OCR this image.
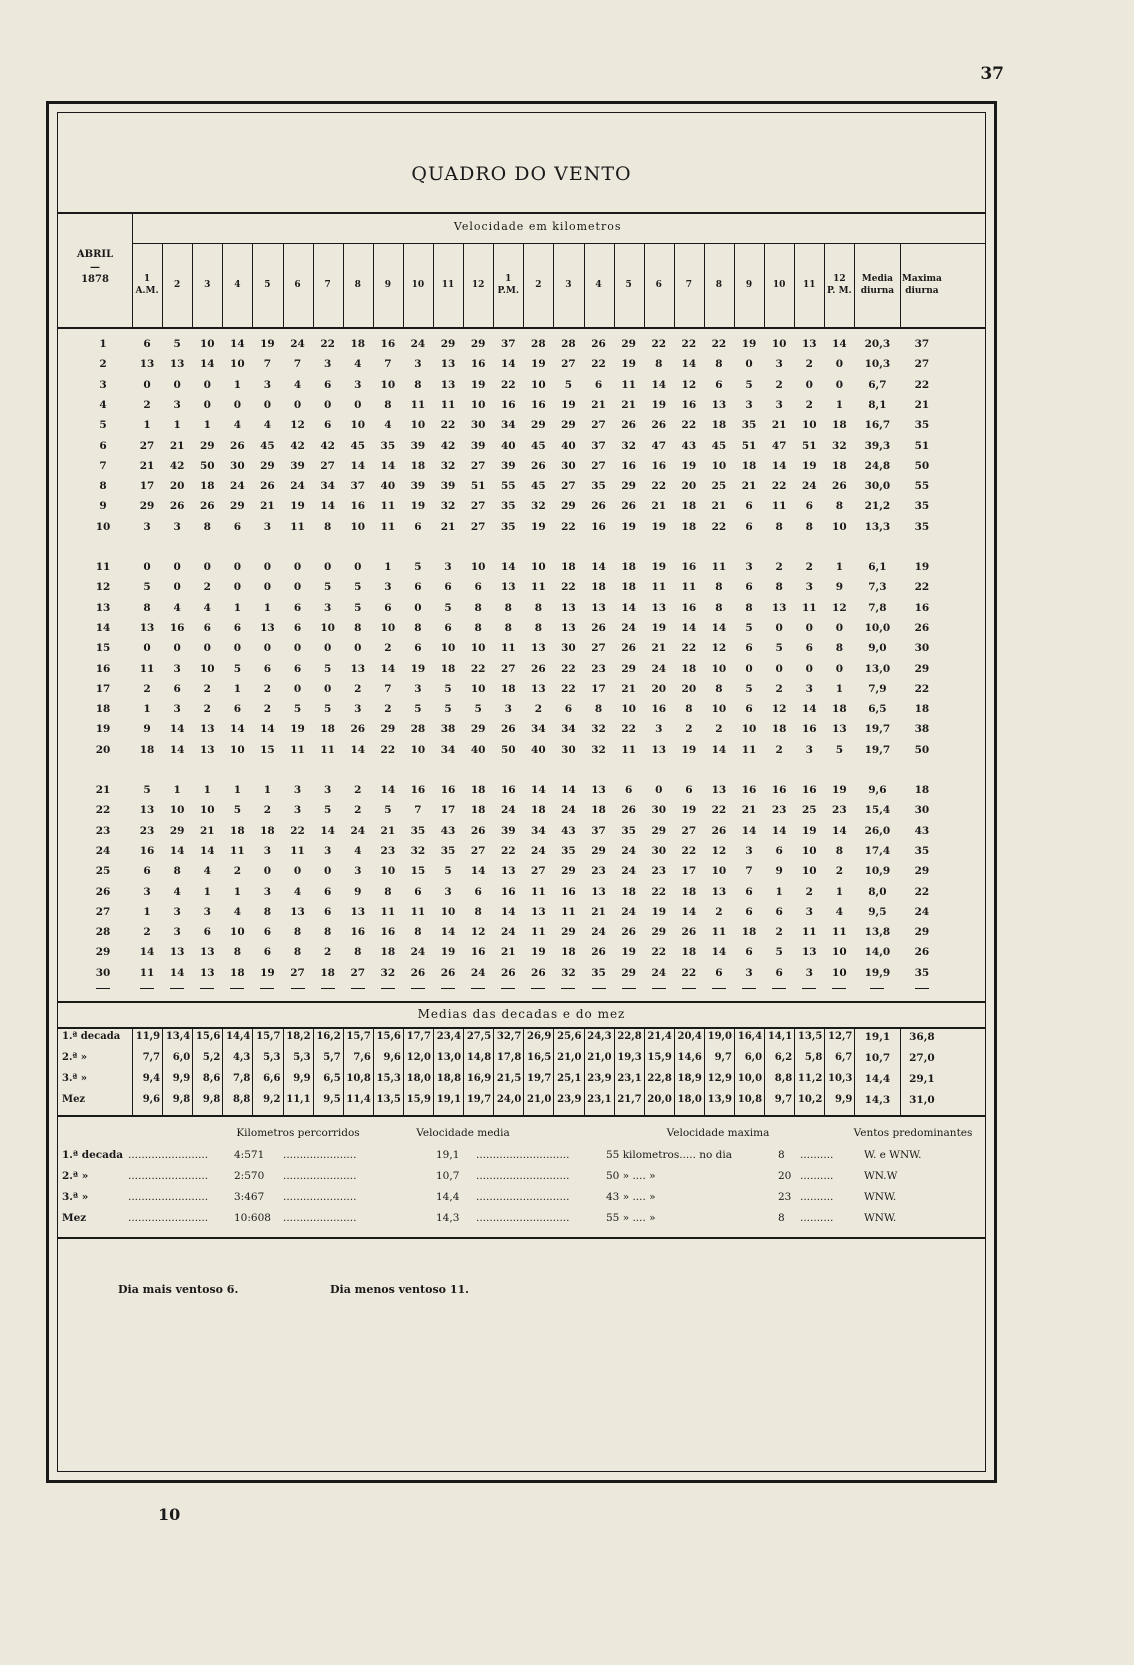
37
QUADRO DO VENTO
ABRIL
—
1878
Velocidade em kilometros
1
A.M.
2	3	4	5	6	7	8	9 10 11 12
1
P.M.
2	3	4	5	6	7	8	9 10 11
12
P. M.
Media
diurna
Maxima
diurna
1	6 5 10 14 19 24 22 18 16 24 29 29 37 28 28 26 29 22 22 22 19 10 13 14 20,3 37
2	13 13 14 10 7 7 3 4 7 3 13 16 14 19 27 22 19 8 14 8 0 3 2 0 10,3 27
3	0 0 0 1 3 4 6 3 10 8 13 19 22 10 5 6 11 14 12 6 5 2 0 0 6,7	22
4	2 3 0 0 0 0 0 0 8 11 11 10 16 16 19 21 21 19 16 13 3 3 2 1 8,1	21
5	1 1 1 4 4 12 6 10 4 10 22 30 34 29 29 27 26 26 22 18 35 21 10 18 16,7 35
6	27 21 29 26 45 42 42 45 35 39 42 39 40 45 40 37 32 47 43 45 51 47 51 32 39,3 51
7	21 42 50 30 29 39 27 14 14 18 32 27 39 26 30 27 16 16 19 10 18 14 19 18 24,8 50
8	17 20 18 24 26 24 34 37 40 39 39 51 55 45 27 35 29 22 20 25 21 22 24 26 30,0 55
9	29 26 26 29 21 19 14 16 11 19 32 27 35 32 29 26 26 21 18 21 6 11 6 8 21,2 35
10	3 3 8 6 3 11 8 10 11 6 21 27 35 19 22 16 19 19 18 22 6 8 8 10 13,3 35
11	0 0 0 0 0 0 0 0 1 5 3 10 14 10 18 14 18 19 16 11 3 2 2 1 6,1	19
12	5 0 2 0 0 0 5 5 3 6 6 6 13 11 22 18 18 11 11 8 6 8 3 9 7,3	22
13	8 4 4 1 1 6 3 5 6 0 5 8 8 8 13 13 14 13 16 8 8 13 11 12 7,8	16
14	13 16 6 6 13 6 10 8 10 8 6 8 8 8 13 26 24 19 14 14 5 0 0 0 10,0 26
15	0 0 0 0 0 0 0 0 2 6 10 10 11 13 30 27 26 21 22 12 6 5 6 8 9,0	30
16	11 3 10 5 6 6 5 13 14 19 18 22 27 26 22 23 29 24 18 10 0 0 0 0 13,0 29
17	2 6 2 1 2 0 0 2 7 3 5 10 18 13 22 17 21 20 20 8 5 2 3 1 7,9	22
18	1 3 2 6 2 5 5 3 2 5 5 5 3 2 6 8 10 16 8 10 6 12 14 18 6,5	18
19	9 14 13 14 14 19 18 26 29 28 38 29 26 34 34 32 22 3 2 2 10 18 16 13 19,7 38
20	18 14 13 10 15 11 11 14 22 10 34 40 50 40 30 32 11 13 19 14 11 2 3 5 19,7 50
21	5 1 1 1 1 3 3 2 14 16 16 18 16 14 14 13 6 0 6 13 16 16 16 19 9,6	18
22	13 10 10 5 2 3 5 2 5 7 17 18 24 18 24 18 26 30 19 22 21 23 25 23 15,4 30
23	23 29 21 18 18 22 14 24 21 35 43 26 39 34 43 37 35 29 27 26 14 14 19 14 26,0 43
24	16 14 14 11 3 11 3 4 23 32 35 27 22 24 35 29 24 30 22 12 3 6 10 8 17,4 35
25	6 8 4 2 0 0 0 3 10 15 5 14 13 27 29 23 24 23 17 10 7 9 10 2 10,9 29
26	3 4 1 1 3 4 6 9 8 6 3 6 16 11 16 13 18 22 18 13 6 1 2 1 8,0	22
27	1 3 3 4 8 13 6 13 11 11 10 8 14 13 11 21 24 19 14 2 6 6 3 4 9,5	24
28	2 3 6 10 6 8 8 16 16 8 14 12 24 11 29 24 26 29 26 11 18 2 11 11 13,8 29
29	14 13 13 8 6 8 2 8 18 24 19 16 21 19 18 26 19 22 18 14 6 5 13 10 14,0 26
30	11 14 13 18 19 27 18 27 32 26 26 24 26 26 32 35 29 24 22 6 3 6 3 10 19,9 35
Medias das decadas e do mez
1.ª decada 11,9 13,4 15,6 14,4 15,7 18,2 16,2 15,7 15,6 17,7 23,4 27,5 32,7 26,9 25,6 24,3 22,8 21,4 20,4 19,0 16,4 14,1 13,5 12,7 19,1 36,8
2.ª »	7,7	6,0	5,2	4,3	5,3	5,3	5,7	7,6	9,6 12,0 13,0 14,8 17,8 16,5 21,0 21,0 19,3 15,9 14,6	9,7	6,0	6,2	5,8	6,7 10,7 27,0
3.ª »	9,4	9,9	8,6	7,8	6,6	9,9	6,5 10,8 15,3 18,0 18,8 16,9 21,5 19,7 25,1 23,9 23,1 22,8 18,9 12,9 10,0	8,8 11,2 10,3 14,4 29,1
Mez	9,6	9,8	9,8	8,8	9,2 11,1	9,5 11,4 13,5 15,9 19,1 19,7 24,0 21,0 23,9 23,1 21,7 20,0 18,0 13,9 10,8	9,7 10,2	9,9 14,3 31,0
Kilometros percorridos	Velocidade media	Velocidade maxima	Ventos predominantes
1.ª decada ........................ 4:571 ......................	19,1 ............................	55 kilometros..... no dia	8 ..........	W. e WNW.
2.ª »	........................ 2:570 ......................	10,7 ............................	50 » .... »	20 ..........	WN.W
3.ª »	........................ 3:467 ......................	14,4 ............................	43 » .... »	23 ..........	WNW.
Mez	........................ 10:608 ......................	14,3 ............................	55 » .... »	8 ..........	WNW.
Dia mais ventoso 6.	Dia menos ventoso 11.
10
